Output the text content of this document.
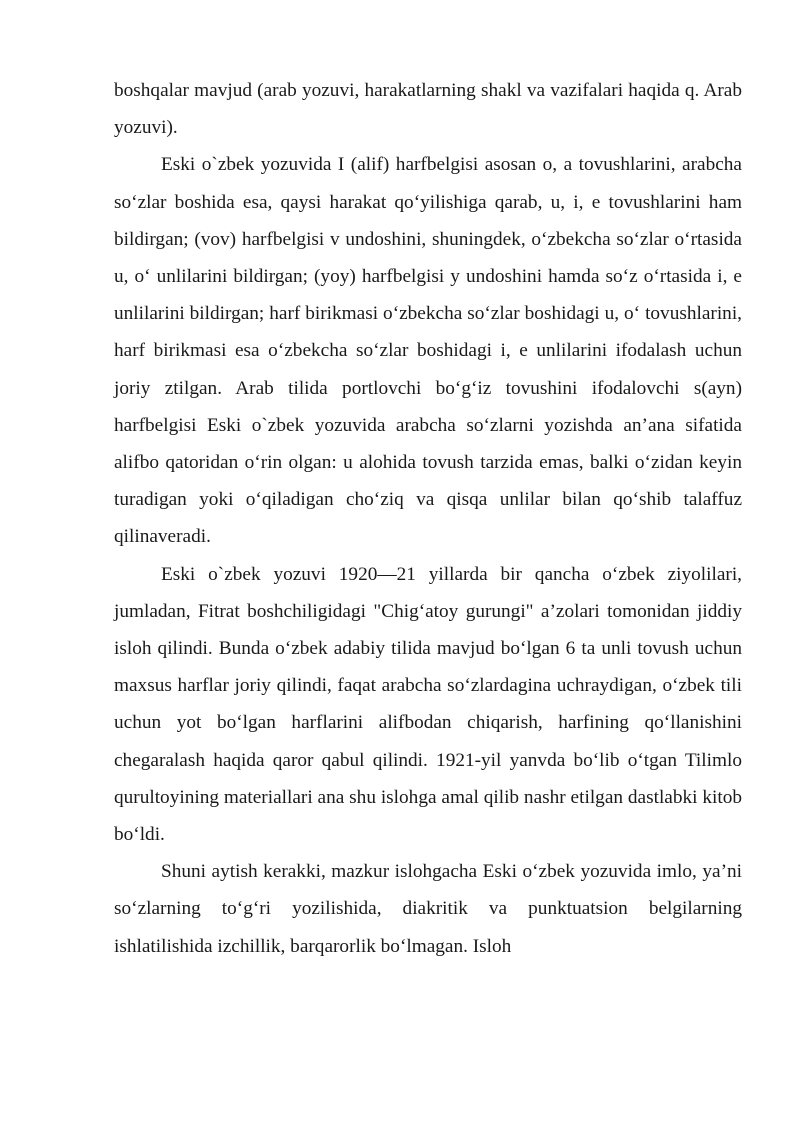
boshqalar mavjud (arab yozuvi, harakatlarning shakl va vazifalari haqida q. Arab yozuvi).

Eski o`zbek yozuvida I (alif) harfbelgisi asosan o, a tovushlarini, arabcha so‘zlar boshida esa, qaysi harakat qo‘yilishiga qarab, u, i, e tovushlarini ham bildirgan; (vov) harfbelgisi v undoshini, shuningdek, o‘zbekcha so‘zlar o‘rtasida u, o‘ unlilarini bildirgan; (yoy) harfbelgisi y undoshini hamda so‘z o‘rtasida i, e unlilarini bildirgan; harf birikmasi o‘zbekcha so‘zlar boshidagi u, o‘ tovushlarini, harf birikmasi esa o‘zbekcha so‘zlar boshidagi i, e unlilarini ifodalash uchun joriy ztilgan. Arab tilida portlovchi bo‘g‘iz tovushini ifodalovchi s(ayn) harfbelgisi Eski o`zbek yozuvida arabcha so‘zlarni yozishda an’ana sifatida alifbo qatoridan o‘rin olgan: u alohida tovush tarzida emas, balki o‘zidan keyin turadigan yoki o‘qiladigan cho‘ziq va qisqa unlilar bilan qo‘shib talaffuz qilinaveradi.

Eski o`zbek yozuvi 1920—21 yillarda bir qancha o‘zbek ziyolilari, jumladan, Fitrat boshchiligidagi "Chig‘atoy gurungi" a’zolari tomonidan jiddiy isloh qilindi. Bunda o‘zbek adabiy tilida mavjud bo‘lgan 6 ta unli tovush uchun maxsus harflar joriy qilindi, faqat arabcha so‘zlardagina uchraydigan, o‘zbek tili uchun yot bo‘lgan harflarini alifbodan chiqarish, harfining qo‘llanishini chegaralash haqida qaror qabul qilindi. 1921-yil yanvda bo‘lib o‘tgan Tilimlo qurultoyining materiallari ana shu islohga amal qilib nashr etilgan dastlabki kitob bo‘ldi.

Shuni aytish kerakki, mazkur islohgacha Eski o‘zbek yozuvida imlo, ya’ni so‘zlarning to‘g‘ri yozilishida, diakritik va punktuatsion belgilarning ishlatilishida izchillik, barqarorlik bo‘lmagan. Isloh
